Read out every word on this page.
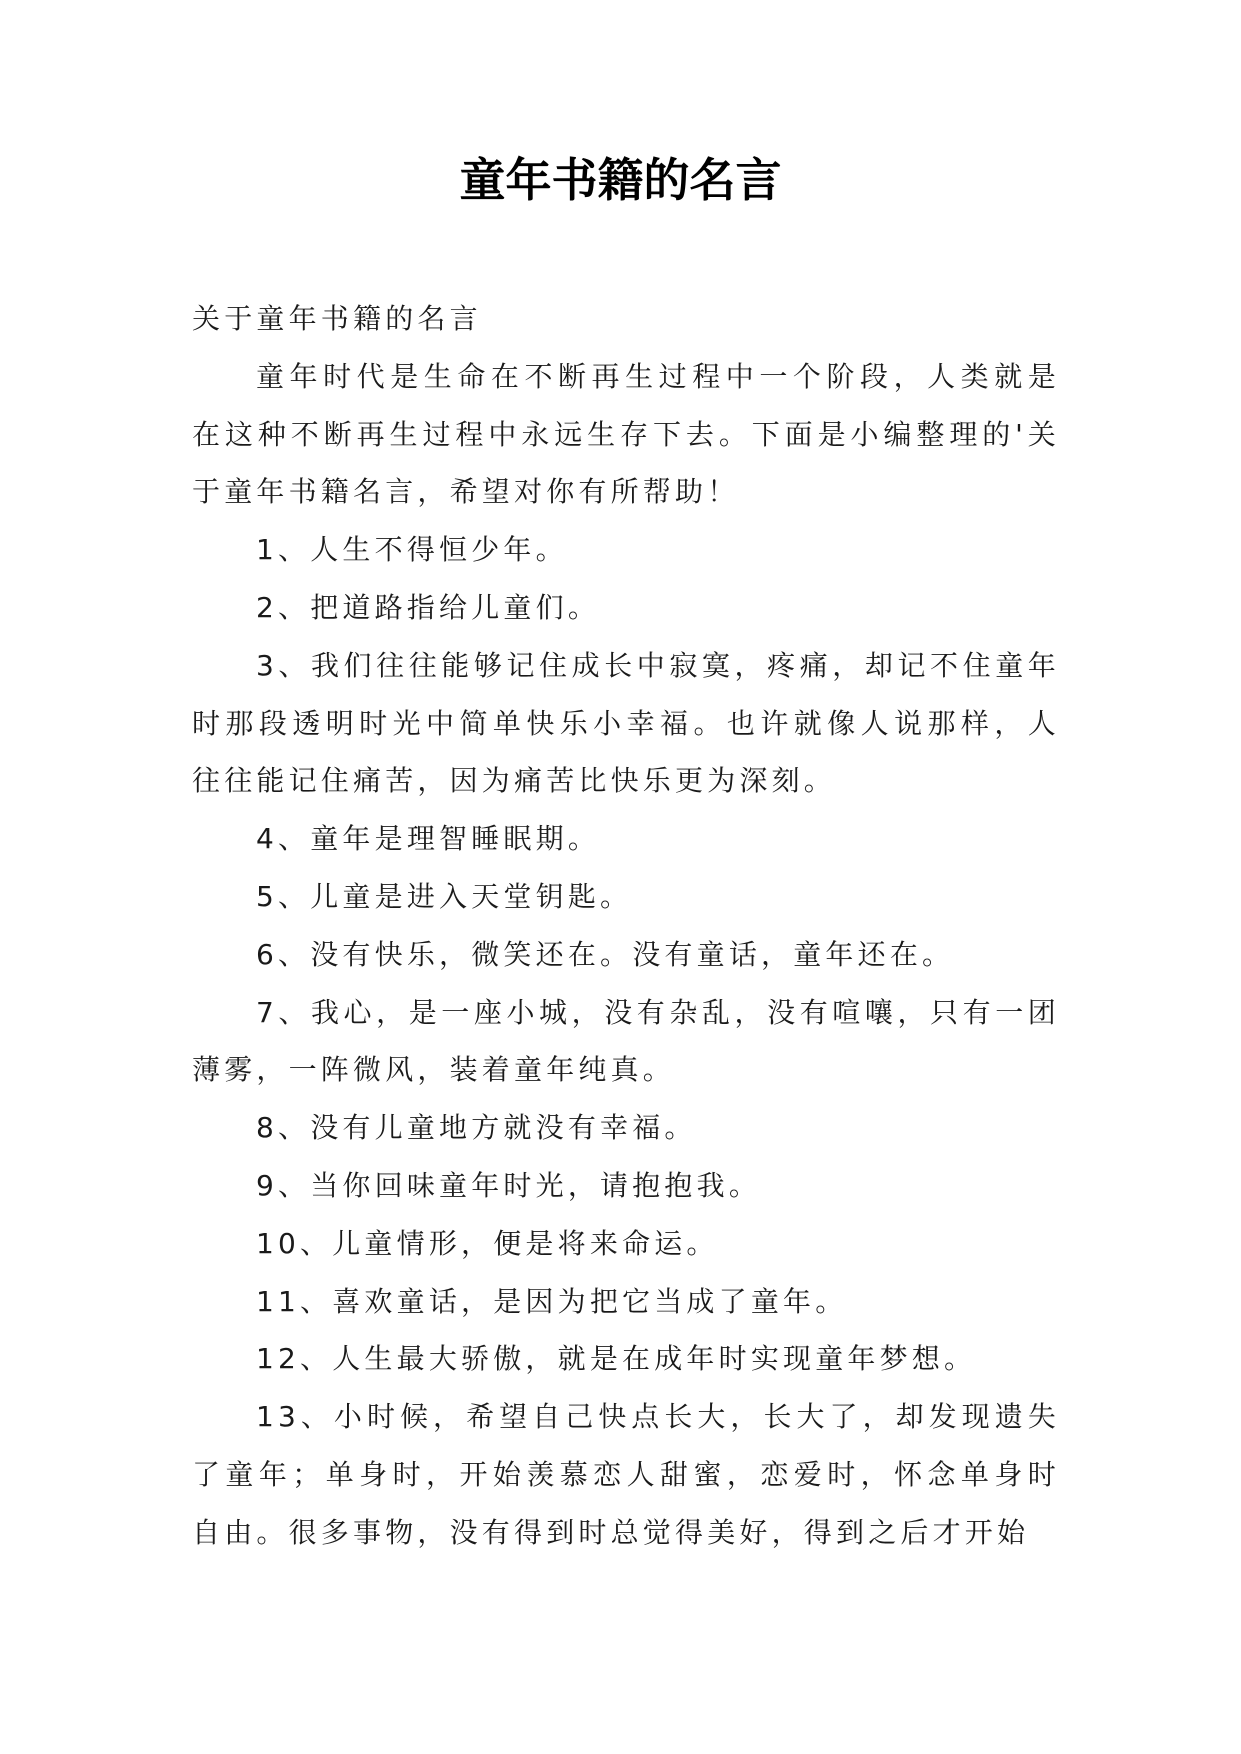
童年书籍的名言

关于童年书籍的名言

童年时代是生命在不断再生过程中一个阶段，人类就是在这种不断再生过程中永远生存下去。下面是小编整理的'关于童年书籍名言，希望对你有所帮助！

1、人生不得恒少年。

2、把道路指给儿童们。

3、我们往往能够记住成长中寂寞，疼痛，却记不住童年时那段透明时光中简单快乐小幸福。也许就像人说那样，人往往能记住痛苦，因为痛苦比快乐更为深刻。

4、童年是理智睡眠期。

5、儿童是进入天堂钥匙。

6、没有快乐，微笑还在。没有童话，童年还在。

7、我心，是一座小城，没有杂乱，没有喧嚷，只有一团薄雾，一阵微风，装着童年纯真。

8、没有儿童地方就没有幸福。

9、当你回味童年时光，请抱抱我。

10、儿童情形，便是将来命运。

11、喜欢童话，是因为把它当成了童年。

12、人生最大骄傲，就是在成年时实现童年梦想。

13、小时候，希望自己快点长大，长大了，却发现遗失了童年；单身时，开始羡慕恋人甜蜜，恋爱时，怀念单身时自由。很多事物，没有得到时总觉得美好，得到之后才开始
